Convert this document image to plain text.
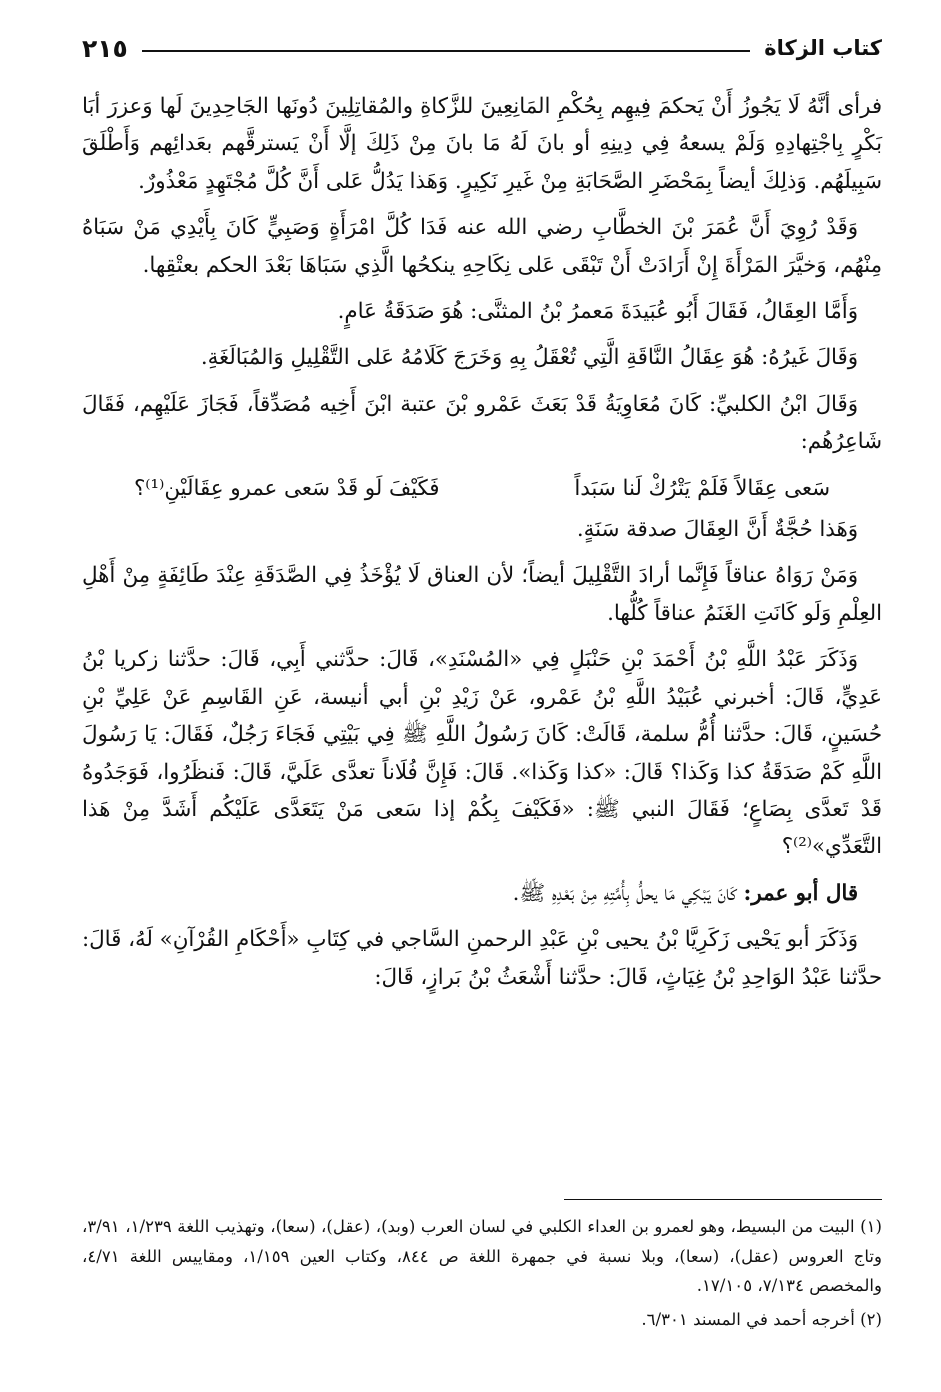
كتاب الزكاة
٢١٥

فرأى أنَّهُ لَا يَجُوزُ أَنْ يَحكمَ فِيهِم بِحُكْمِ المَانِعِينَ للزَّكاةِ والمُقاتِلِينَ دُونَها الجَاحِدِينَ لَها وَعزرَ أبَا بَكْرٍ بِاجْتِهادِهِ وَلَمْ يسعهُ فِي دِينِهِ أو بانَ لَهُ مَا بانَ مِنْ ذَلِكَ إلَّا أَنْ يَسترقَّهم بعَدائِهم وَأَطْلَقَ سَبِيلَهُم. وَذلِكَ أيضاً بِمَحْضَرِ الصَّحَابَةِ مِنْ غَيرِ نَكِيرٍ. وَهَذا يَدُلُّ عَلى أَنَّ كُلَّ مُجْتَهِدٍ مَعْذُورٌ.

وَقَدْ رُوِيَ أَنَّ عُمَرَ بْنَ الخطَّابِ رضي الله عنه فَدَا كُلَّ امْرَأَةٍ وَصَبِيٍّ كَانَ بِأَيْدِي مَنْ سَبَاهُ مِنْهُم، وَخيَّرَ المَرْأَةَ إِنْ أَرَادَتْ أَنْ تَبْقَى عَلى نِكَاحِهِ ينكحُها الَّذِي سَبَاهَا بَعْدَ الحكم بعتْقِها.

وَأَمَّا العِقَالُ، فَقَالَ أَبُو عُبَيدَةَ مَعمرُ بْنُ المثنَّى: هُوَ صَدَقَةُ عَامٍ.

وَقَالَ غَيرُهُ: هُوَ عِقَالُ النَّاقَةِ الَّتِي تُعْقَلُ بِهِ وَخَرَجَ كَلَامُهُ عَلى التَّقْلِيلِ وَالمُبَالَغَةِ.

وَقَالَ ابْنُ الكلبيِّ: كَانَ مُعَاوِيَةُ قَدْ بَعَثَ عَمْرو بْنَ عتبة ابْنَ أَخِيه مُصَدِّقاً، فَجَازَ عَلَيْهِم، فَقَالَ شَاعِرُهُم:

سَعى عِقَالاً فَلَمْ يَتْرُكْ لَنا سَبَداً
فَكَيْفَ لَو قَدْ سَعى عمرو عِقَالَيْنِ⁽¹⁾؟

وَهَذا حُجَّةٌ أَنَّ العِقَالَ صدقة سَنَةٍ.

وَمَنْ رَوَاهُ عناقاً فَإِنَّما أرادَ التَّقْلِيلَ أيضاً؛ لأن العناق لَا يُؤْخَذُ فِي الصَّدَقَةِ عِنْدَ طَائِفَةٍ مِنْ أَهْلِ العِلْمِ وَلَو كَانَتِ الغَنَمُ عناقاً كُلُّها.

وَذَكَرَ عَبْدُ اللَّهِ بْنُ أَحْمَدَ بْنِ حَنْبَلٍ فِي «المُسْنَدِ»، قَالَ: حدَّثني أَبِي، قَالَ: حدَّثنا زكريا بْنُ عَدِيٍّ، قَالَ: أخبرني عُبَيْدُ اللَّهِ بْنُ عَمْرو، عَنْ زَيْدِ بْنِ أبي أنيسة، عَنِ القَاسِمِ عَنْ عَلِيِّ بْنِ حُسَينٍ، قَالَ: حدَّثنا أُمُّ سلمة، قَالَتْ: كَانَ رَسُولُ اللَّهِ ﷺ فِي بَيْتِي فَجَاءَ رَجُلٌ، فَقَالَ: يَا رَسُولَ اللَّهِ كَمْ صَدَقَةُ كذا وَكَذا؟ قَالَ: «كذا وَكَذا». قَالَ: فَإِنَّ فُلَاناً تعدَّى عَلَيَّ، قَالَ: فَنظَرُوا، فَوَجَدُوهُ قَدْ تَعدَّى بِصَاعٍ؛ فَقَالَ النبي ﷺ: «فَكَيْفَ بِكُمْ إذا سَعى مَنْ يَتَعَدَّى عَلَيْكُم أَشَدَّ مِنْ هَذا التَّعَدِّي»⁽²⁾؟

قال أبو عمر: كَانَ يَبْكِي مَا يحلُّ بِأُمَّتِهِ مِنْ بَعْدِهِ ﷺ.

وَذَكَرَ أبو يَحْيى زَكَرِيَّا بْنُ يحيى بْنِ عَبْدِ الرحمنِ السَّاجي في كِتَابِ «أَحْكَامِ القُرْآنِ» لَهُ، قَالَ: حدَّثنا عَبْدُ الوَاحِدِ بْنُ غِيَاثٍ، قَالَ: حدَّثنا أَشْعَثُ بْنُ بَرازٍ، قَالَ:

(١) البيت من البسيط، وهو لعمرو بن العداء الكلبي في لسان العرب (وبد)، (عقل)، (سعا)، وتهذيب اللغة ١/٢٣٩، ٣/٩١، وتاج العروس (عقل)، (سعا)، وبلا نسبة في جمهرة اللغة ص ٨٤٤، وكتاب العين ١/١٥٩، ومقاييس اللغة ٤/٧١، والمخصص ٧/١٣٤، ١٧/١٠٥.

(٢) أخرجه أحمد في المسند ٦/٣٠١.
